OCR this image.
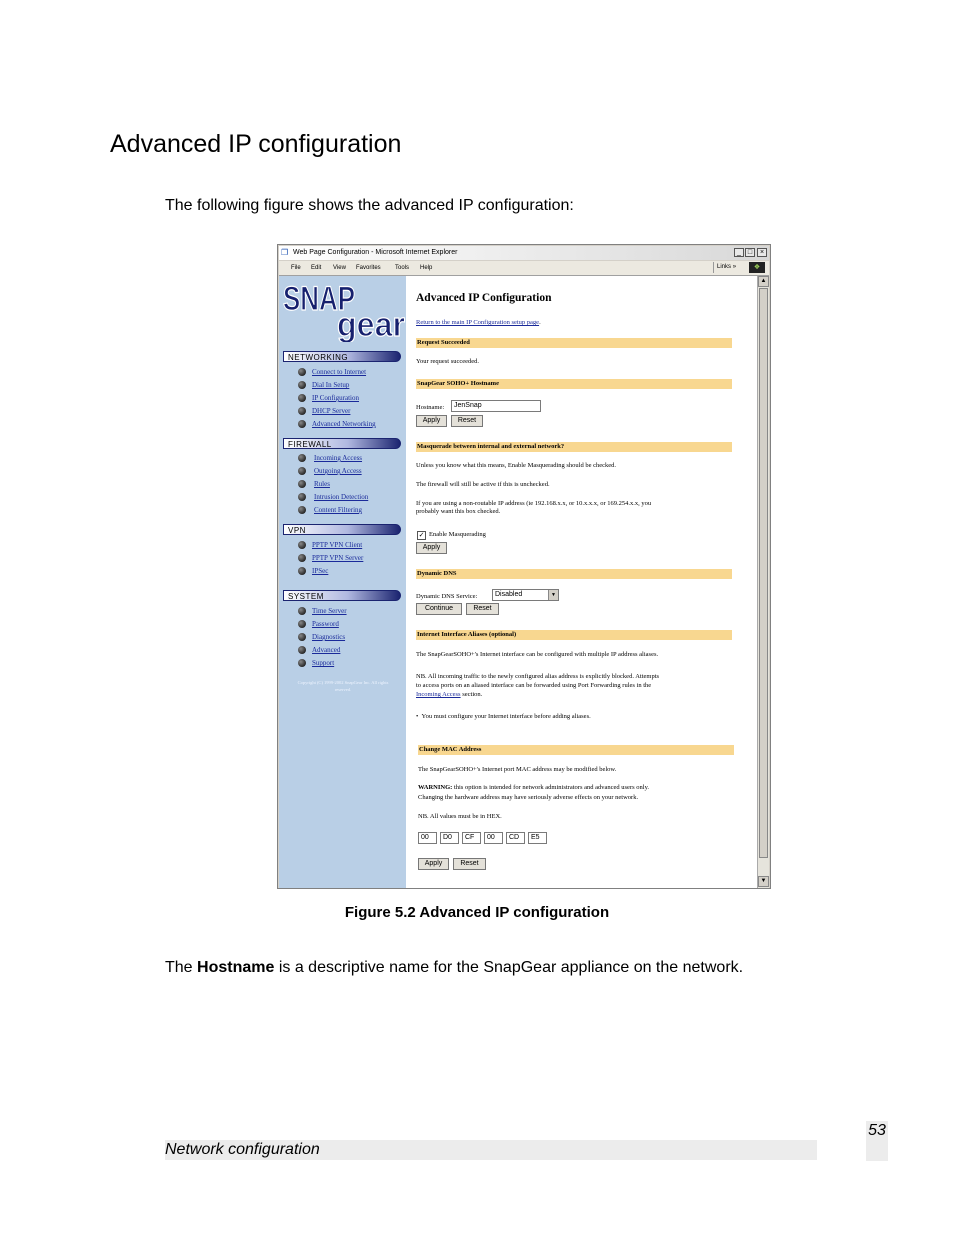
Advanced IP configuration
The following figure shows the advanced IP configuration:
❐ Web Page Configuration - Microsoft Internet Explorer	_ □	×
File Edit View Favorites Tools Help	Links »	❖
SNAP
gear
NETWORKING
Connect to Internet
Dial In Setup
IP Configuration
DHCP Server
Advanced Networking
FIREWALL
Incoming Access
Outgoing Access
Rules
Intrusion Detection
Content Filtering
VPN
PPTP VPN Client
PPTP VPN Server
IPSec
SYSTEM
Time Server
Password
Diagnostics
Advanced
Support
Copyright (C) 1999-2002 SnapGear Inc. All rights reserved.
Advanced IP Configuration
Return to the main IP Configuration setup page.
Request Succeeded
Your request succeeded.
SnapGear SOHO+ Hostname
Hostname:	JenSnap
Apply	Reset
Masquerade between internal and external network?
Unless you know what this means, Enable Masquerading should be checked.
The firewall will still be active if this is unchecked.
If you are using a non-routable IP address (ie 192.168.x.x, or 10.x.x.x, or 169.254.x.x, you
probably want this box checked.
✓ Enable Masquerading
Apply
Dynamic DNS
Dynamic DNS Service:	Disabled	▼
Continue	Reset
Internet Interface Aliases (optional)
The SnapGearSOHO+'s Internet interface can be configured with multiple IP address aliases.
NB. All incoming traffic to the newly configured alias address is explicitly blocked. Attempts
to access ports on an aliased interface can be forwarded using Port Forwarding rules in the
Incoming Access section.
•  You must configure your Internet interface before adding aliases.
Change MAC Address
The SnapGearSOHO+'s Internet port MAC address may be modified below.
WARNING: this option is intended for network administrators and advanced users only.
Changing the hardware address may have seriously adverse effects on your network.
NB. All values must be in HEX.
00	D0	CF	00	CD	E5
Apply	Reset
▲
▼
Figure 5.2 Advanced IP configuration
The Hostname is a descriptive name for the SnapGear appliance on the network.
53
Network configuration
